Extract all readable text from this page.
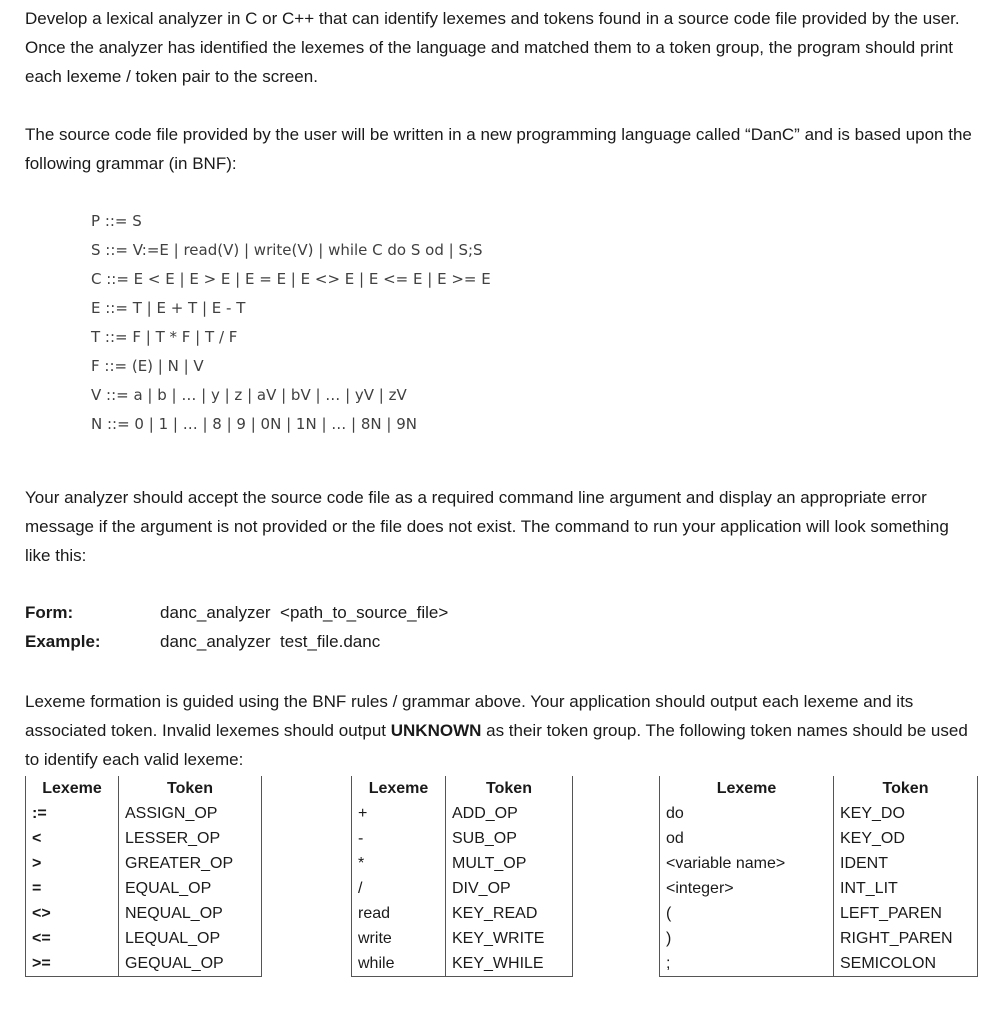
Develop a lexical analyzer in C or C++ that can identify lexemes and tokens found in a source code file provided by the user. Once the analyzer has identified the lexemes of the language and matched them to a token group, the program should print each lexeme / token pair to the screen.

The source code file provided by the user will be written in a new programming language called “DanC” and is based upon the following grammar (in BNF):

P ::= S
S ::= V:=E | read(V) | write(V) | while C do S od | S;S
C ::= E < E | E > E | E = E | E <> E | E <= E | E >= E
E ::= T | E + T | E - T
T ::= F | T * F | T / F
F ::= (E) | N | V
V ::= a | b | … | y | z | aV | bV | … | yV | zV
N ::= 0 | 1 | … | 8 | 9 | 0N | 1N | … | 8N | 9N

Your analyzer should accept the source code file as a required command line argument and display an appropriate error message if the argument is not provided or the file does not exist. The command to run your application will look something like this:

Form:	danc_analyzer  <path_to_source_file>
Example:	danc_analyzer  test_file.danc

Lexeme formation is guided using the BNF rules / grammar above. Your application should output each lexeme and its associated token. Invalid lexemes should output UNKNOWN as their token group. The following token names should be used to identify each valid lexeme:

Lexeme	Token
:=	ASSIGN_OP
<	LESSER_OP
>	GREATER_OP
=	EQUAL_OP
<>	NEQUAL_OP
<=	LEQUAL_OP
>=	GEQUAL_OP
Lexeme	Token
+	ADD_OP
-	SUB_OP
*	MULT_OP
/	DIV_OP
read	KEY_READ
write	KEY_WRITE
while	KEY_WHILE
Lexeme	Token
do	KEY_DO
od	KEY_OD
<variable name>	IDENT
<integer>	INT_LIT
(	LEFT_PAREN
)	RIGHT_PAREN
;	SEMICOLON
